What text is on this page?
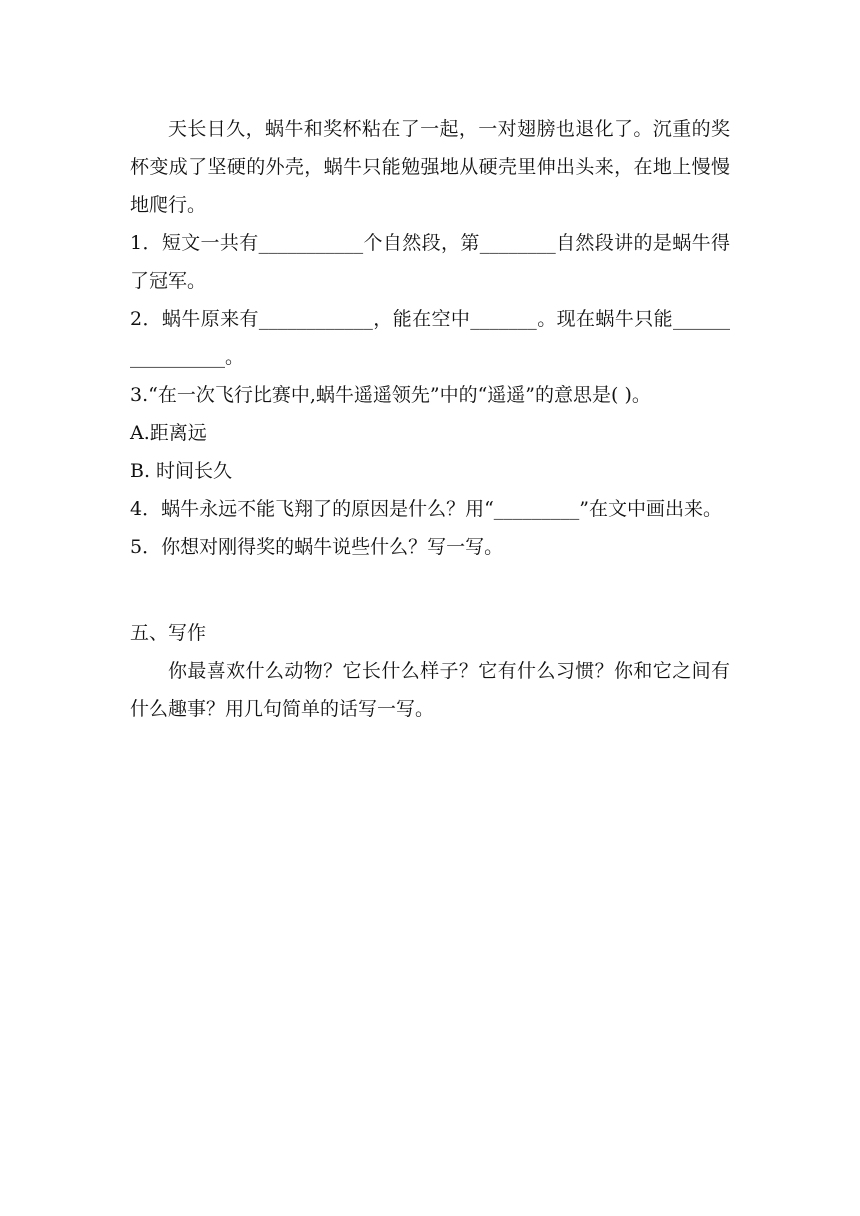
天长日久，蜗牛和奖杯粘在了一起，一对翅膀也退化了。沉重的奖杯变成了坚硬的外壳，蜗牛只能勉强地从硬壳里伸出头来，在地上慢慢地爬行。

1．短文一共有___________个自然段，第________自然段讲的是蜗牛得了冠军。

2．蜗牛原来有____________，能在空中_______。现在蜗牛只能________________。

3.“在一次飞行比赛中,蜗牛遥遥领先”中的“遥遥”的意思是( )。

A.距离远

B. 时间长久

4．蜗牛永远不能飞翔了的原因是什么？用“_________”在文中画出来。

5．你想对刚得奖的蜗牛说些什么？写一写。

五、写作

你最喜欢什么动物？它长什么样子？它有什么习惯？你和它之间有什么趣事？用几句简单的话写一写。
